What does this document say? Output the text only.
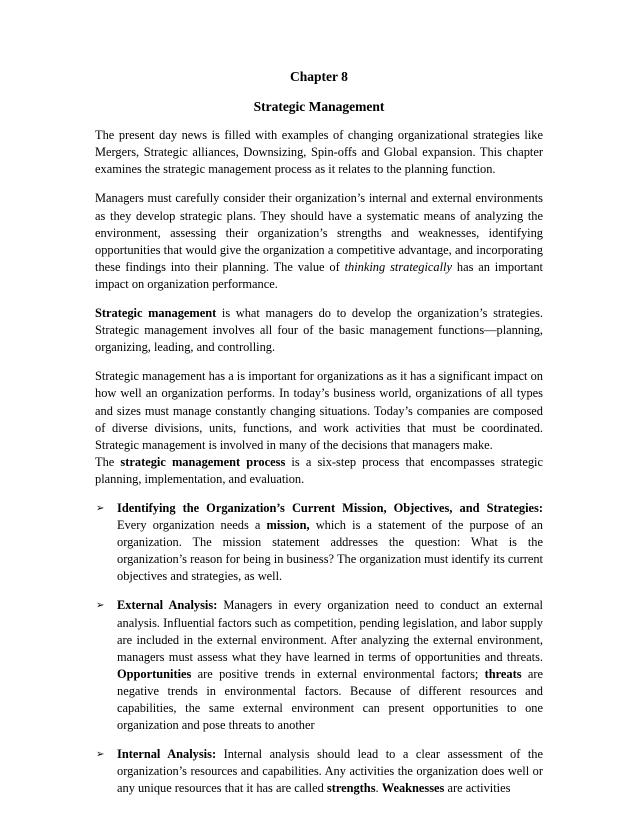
Chapter 8
Strategic Management

The present day news is filled with examples of changing organizational strategies like Mergers, Strategic alliances, Downsizing, Spin-offs and Global expansion. This chapter examines the strategic management process as it relates to the planning function.

Managers must carefully consider their organization’s internal and external environments as they develop strategic plans. They should have a systematic means of analyzing the environment, assessing their organization’s strengths and weaknesses, identifying opportunities that would give the organization a competitive advantage, and incorporating these findings into their planning. The value of thinking strategically has an important impact on organization performance.

Strategic management is what managers do to develop the organization’s strategies. Strategic management involves all four of the basic management functions—planning, organizing, leading, and controlling.

Strategic management has a is important for organizations as it has a significant impact on how well an organization performs. In today’s business world, organizations of all types and sizes must manage constantly changing situations. Today’s companies are composed of diverse divisions, units, functions, and work activities that must be coordinated. Strategic management is involved in many of the decisions that managers make.

The strategic management process is a six-step process that encompasses strategic planning, implementation, and evaluation.

➢ Identifying the Organization’s Current Mission, Objectives, and Strategies: Every organization needs a mission, which is a statement of the purpose of an organization. The mission statement addresses the question: What is the organization’s reason for being in business? The organization must identify its current objectives and strategies, as well.
➢ External Analysis: Managers in every organization need to conduct an external analysis. Influential factors such as competition, pending legislation, and labor supply are included in the external environment. After analyzing the external environment, managers must assess what they have learned in terms of opportunities and threats. Opportunities are positive trends in external environmental factors; threats are negative trends in environmental factors. Because of different resources and capabilities, the same external environment can present opportunities to one organization and pose threats to another
➢ Internal Analysis: Internal analysis should lead to a clear assessment of the organization’s resources and capabilities. Any activities the organization does well or any unique resources that it has are called strengths. Weaknesses are activities
